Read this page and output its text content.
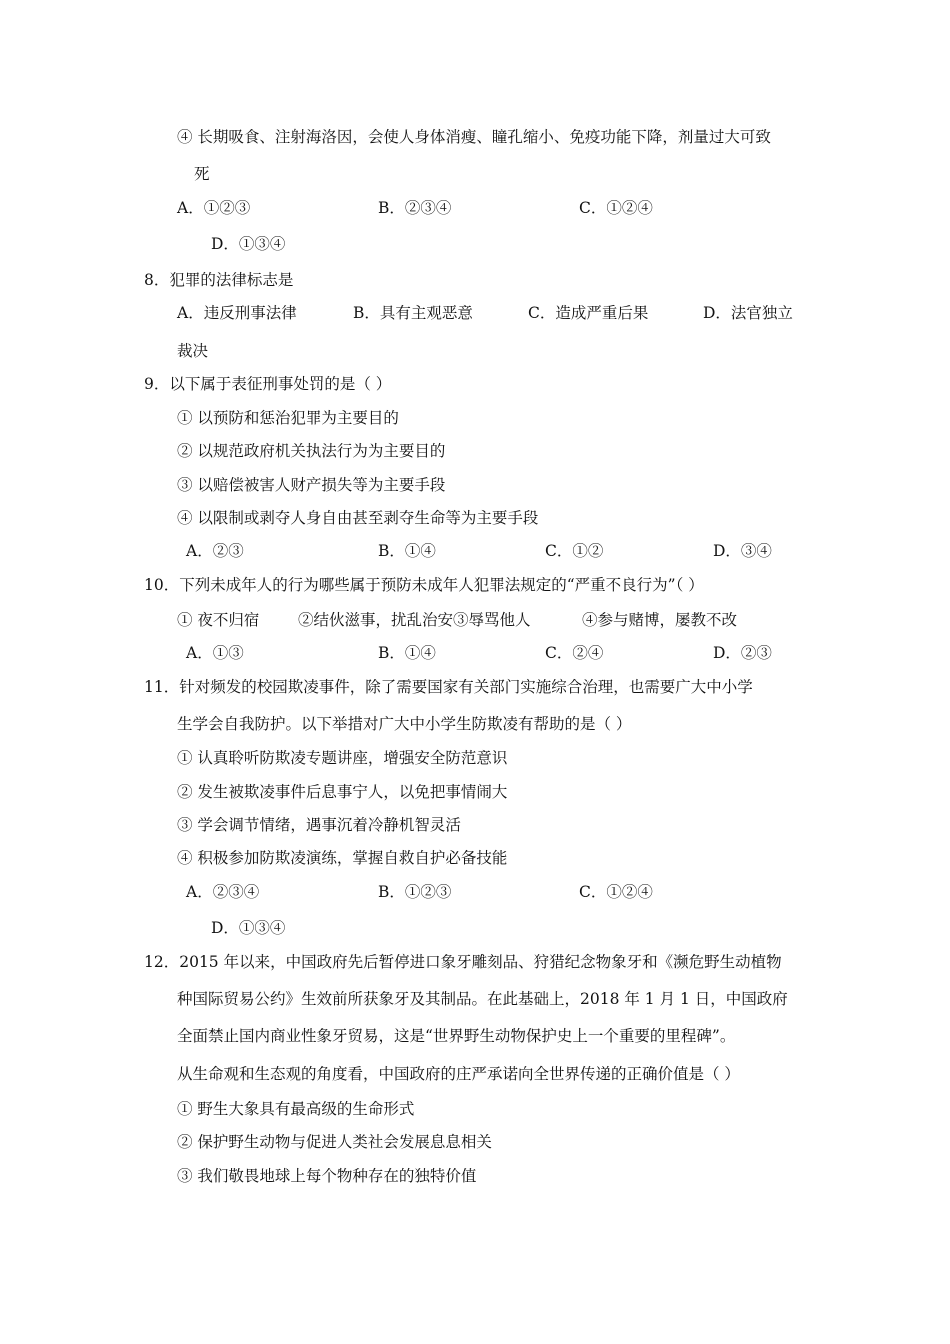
④ 长期吸食、注射海洛因，会使人身体消瘦、瞳孔缩小、免疫功能下降，剂量过大可致
死
A．①②③	B．②③④	C．①②④
D．①③④
8．犯罪的法律标志是
A．违反刑事法律	B．具有主观恶意	C．造成严重后果	D．法官独立
裁决
9．以下属于表征刑事处罚的是（ ）
① 以预防和惩治犯罪为主要目的
② 以规范政府机关执法行为为主要目的
③ 以赔偿被害人财产损失等为主要手段
④ 以限制或剥夺人身自由甚至剥夺生命等为主要手段
A．②③	B．①④	C．①②	D．③④
10．下列未成年人的行为哪些属于预防未成年人犯罪法规定的“严重不良行为”（ ）
① 夜不归宿 ②结伙滋事，扰乱治安③辱骂他人	④参与赌博，屡教不改
A．①③	B．①④	C．②④	D．②③
11．针对频发的校园欺凌事件，除了需要国家有关部门实施综合治理，也需要广大中小学
生学会自我防护。以下举措对广大中小学生防欺凌有帮助的是（ ）
① 认真聆听防欺凌专题讲座，增强安全防范意识
② 发生被欺凌事件后息事宁人，以免把事情闹大
③ 学会调节情绪，遇事沉着冷静机智灵活
④ 积极参加防欺凌演练，掌握自救自护必备技能
A．②③④	B．①②③	C．①②④
D．①③④
12．2015 年以来，中国政府先后暂停进口象牙雕刻品、狩猎纪念物象牙和《濒危野生动植物
种国际贸易公约》生效前所获象牙及其制品。在此基础上，2018 年 1 月 1 日，中国政府
全面禁止国内商业性象牙贸易，这是“世界野生动物保护史上一个重要的里程碑”。
从生命观和生态观的角度看，中国政府的庄严承诺向全世界传递的正确价值是（ ）
① 野生大象具有最高级的生命形式
② 保护野生动物与促进人类社会发展息息相关
③ 我们敬畏地球上每个物种存在的独特价值
